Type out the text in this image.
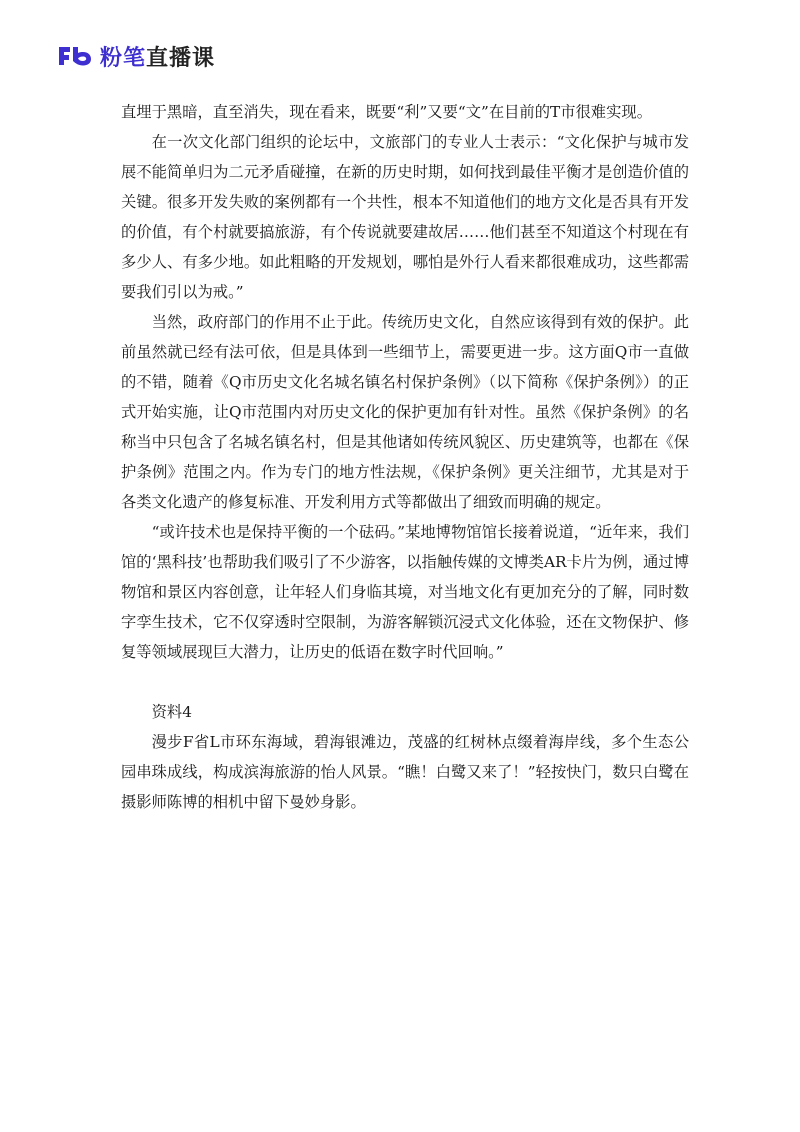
粉笔直播课

直埋于黑暗，直至消失，现在看来，既要“利”又要“文”在目前的T市很难实现。

在一次文化部门组织的论坛中，文旅部门的专业人士表示：“文化保护与城市发展不能简单归为二元矛盾碰撞，在新的历史时期，如何找到最佳平衡才是创造价值的关键。很多开发失败的案例都有一个共性，根本不知道他们的地方文化是否具有开发的价值，有个村就要搞旅游，有个传说就要建故居……他们甚至不知道这个村现在有多少人、有多少地。如此粗略的开发规划，哪怕是外行人看来都很难成功，这些都需要我们引以为戒。”

当然，政府部门的作用不止于此。传统历史文化，自然应该得到有效的保护。此前虽然就已经有法可依，但是具体到一些细节上，需要更进一步。这方面Q市一直做的不错，随着《Q市历史文化名城名镇名村保护条例》（以下简称《保护条例》）的正式开始实施，让Q市范围内对历史文化的保护更加有针对性。虽然《保护条例》的名称当中只包含了名城名镇名村，但是其他诸如传统风貌区、历史建筑等，也都在《保护条例》范围之内。作为专门的地方性法规，《保护条例》更关注细节，尤其是对于各类文化遗产的修复标准、开发利用方式等都做出了细致而明确的规定。

“或许技术也是保持平衡的一个砝码。”某地博物馆馆长接着说道，“近年来，我们馆的‘黑科技’也帮助我们吸引了不少游客，以指触传媒的文博类AR卡片为例，通过博物馆和景区内容创意，让年轻人们身临其境，对当地文化有更加充分的了解，同时数字孪生技术，它不仅穿透时空限制，为游客解锁沉浸式文化体验，还在文物保护、修复等领域展现巨大潜力，让历史的低语在数字时代回响。”

资料4

漫步F省L市环东海域，碧海银滩边，茂盛的红树林点缀着海岸线，多个生态公园串珠成线，构成滨海旅游的怡人风景。“瞧！白鹭又来了！”轻按快门，数只白鹭在摄影师陈博的相机中留下曼妙身影。
